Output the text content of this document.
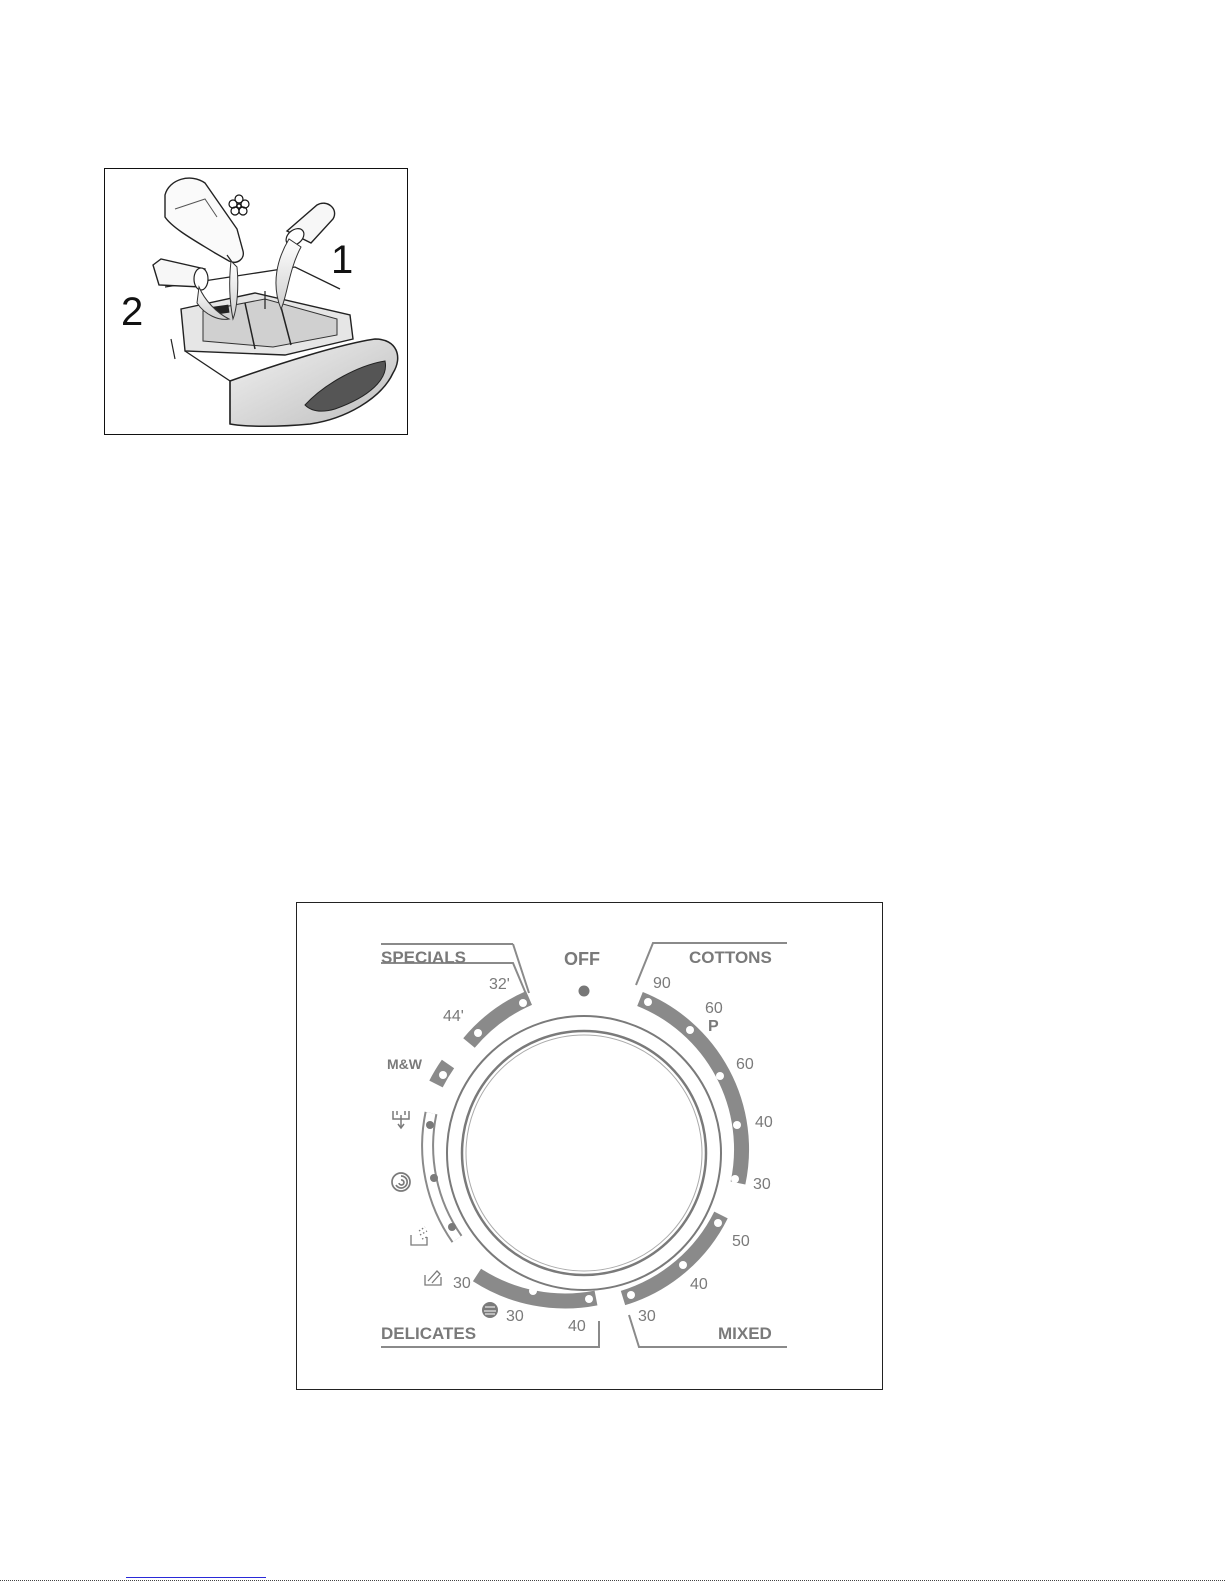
1
2
SPECIALS	COTTONS
DELICATES	MIXED
OFF
32'
44'
M&W
90
60
P
60
40
30
50
40
30
30
30
40
